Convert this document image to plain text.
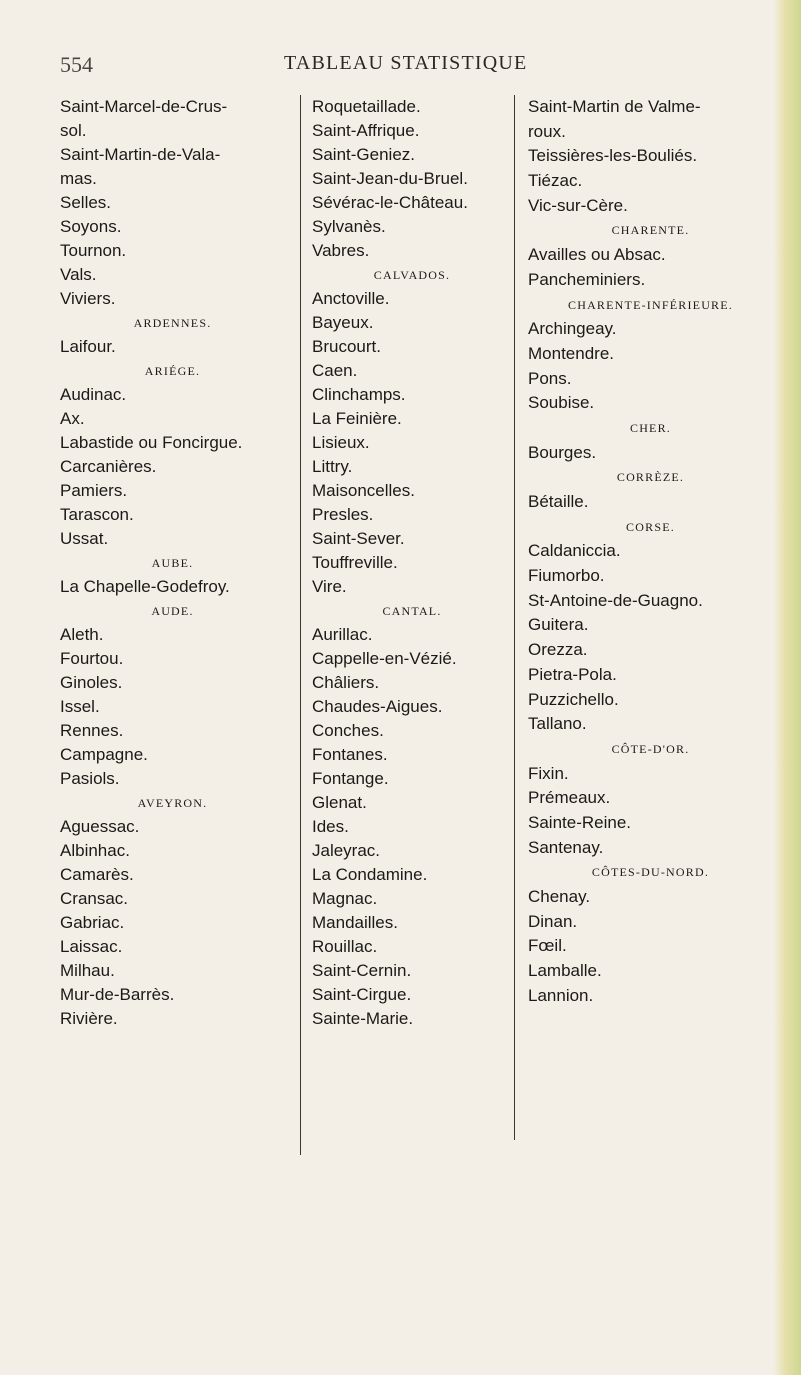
554	TABLEAU STATISTIQUE
Saint-Marcel-de-Crus-
sol.
Saint-Martin-de-Vala-
mas.
Selles.
Soyons.
Tournon.
Vals.
Viviers.
ARDENNES.
Laifour.
ARIÉGE.
Audinac.
Ax.
Labastide ou Foncirgue.
Carcanières.
Pamiers.
Tarascon.
Ussat.
AUBE.
La Chapelle-Godefroy.
AUDE.
Aleth.
Fourtou.
Ginoles.
Issel.
Rennes.
Campagne.
Pasiols.
AVEYRON.
Aguessac.
Albinhac.
Camarès.
Cransac.
Gabriac.
Laissac.
Milhau.
Mur-de-Barrès.
Rivière.
Roquetaillade.
Saint-Affrique.
Saint-Geniez.
Saint-Jean-du-Bruel.
Sévérac-le-Château.
Sylvanès.
Vabres.
CALVADOS.
Anctoville.
Bayeux.
Brucourt.
Caen.
Clinchamps.
La Feinière.
Lisieux.
Littry.
Maisoncelles.
Presles.
Saint-Sever.
Touffreville.
Vire.
CANTAL.
Aurillac.
Cappelle-en-Vézié.
Châliers.
Chaudes-Aigues.
Conches.
Fontanes.
Fontange.
Glenat.
Ides.
Jaleyrac.
La Condamine.
Magnac.
Mandailles.
Rouillac.
Saint-Cernin.
Saint-Cirgue.
Sainte-Marie.
Saint-Martin de Valme-
roux.
Teissières-les-Bouliés.
Tiézac.
Vic-sur-Cère.
CHARENTE.
Availles ou Absac.
Pancheminiers.
CHARENTE-INFÉRIEURE.
Archingeay.
Montendre.
Pons.
Soubise.
CHER.
Bourges.
CORRÈZE.
Bétaille.
CORSE.
Caldaniccia.
Fiumorbo.
St-Antoine-de-Guagno.
Guitera.
Orezza.
Pietra-Pola.
Puzzichello.
Tallano.
CÔTE-D'OR.
Fixin.
Prémeaux.
Sainte-Reine.
Santenay.
CÔTES-DU-NORD.
Chenay.
Dinan.
Fœil.
Lamballe.
Lannion.
